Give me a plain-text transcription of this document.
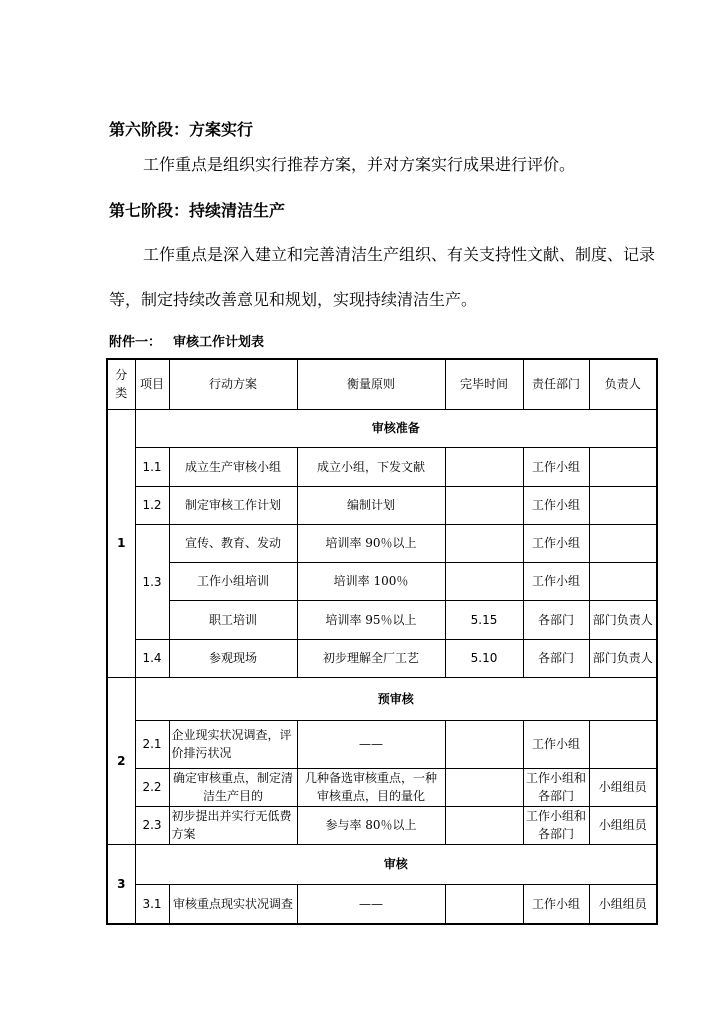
第六阶段：方案实行
工作重点是组织实行推荐方案，并对方案实行成果进行评价。
第七阶段：持续清洁生产
工作重点是深入建立和完善清洁生产组织、有关支持性文献、制度、记录等，制定持续改善意见和规划，实现持续清洁生产。
附件一： 审核工作计划表
分类	项目	行动方案	衡量原则	完毕时间	责任部门	负责人
1	审核准备					
	1.1	成立生产审核小组	成立小组，下发文献		工作小组	
	1.2	制定审核工作计划	编制计划		工作小组	
	1.3	宣传、教育、发动	培训率 90％以上		工作小组	
		工作小组培训	培训率 100％		工作小组	
		职工培训	培训率 95％以上	5.15	各部门	部门负责人
	1.4	参观现场	初步理解全厂工艺	5.10	各部门	部门负责人
2	预审核					
	2.1	企业现实状况调查，评价排污状况	——		工作小组	
	2.2	确定审核重点，制定清洁生产目的	几种备选审核重点，一种审核重点，目的量化		工作小组和各部门	小组组员
	2.3	初步提出并实行无低费方案	参与率 80％以上		工作小组和各部门	小组组员
3	审核					
	3.1	审核重点现实状况调查	——		工作小组	小组组员
